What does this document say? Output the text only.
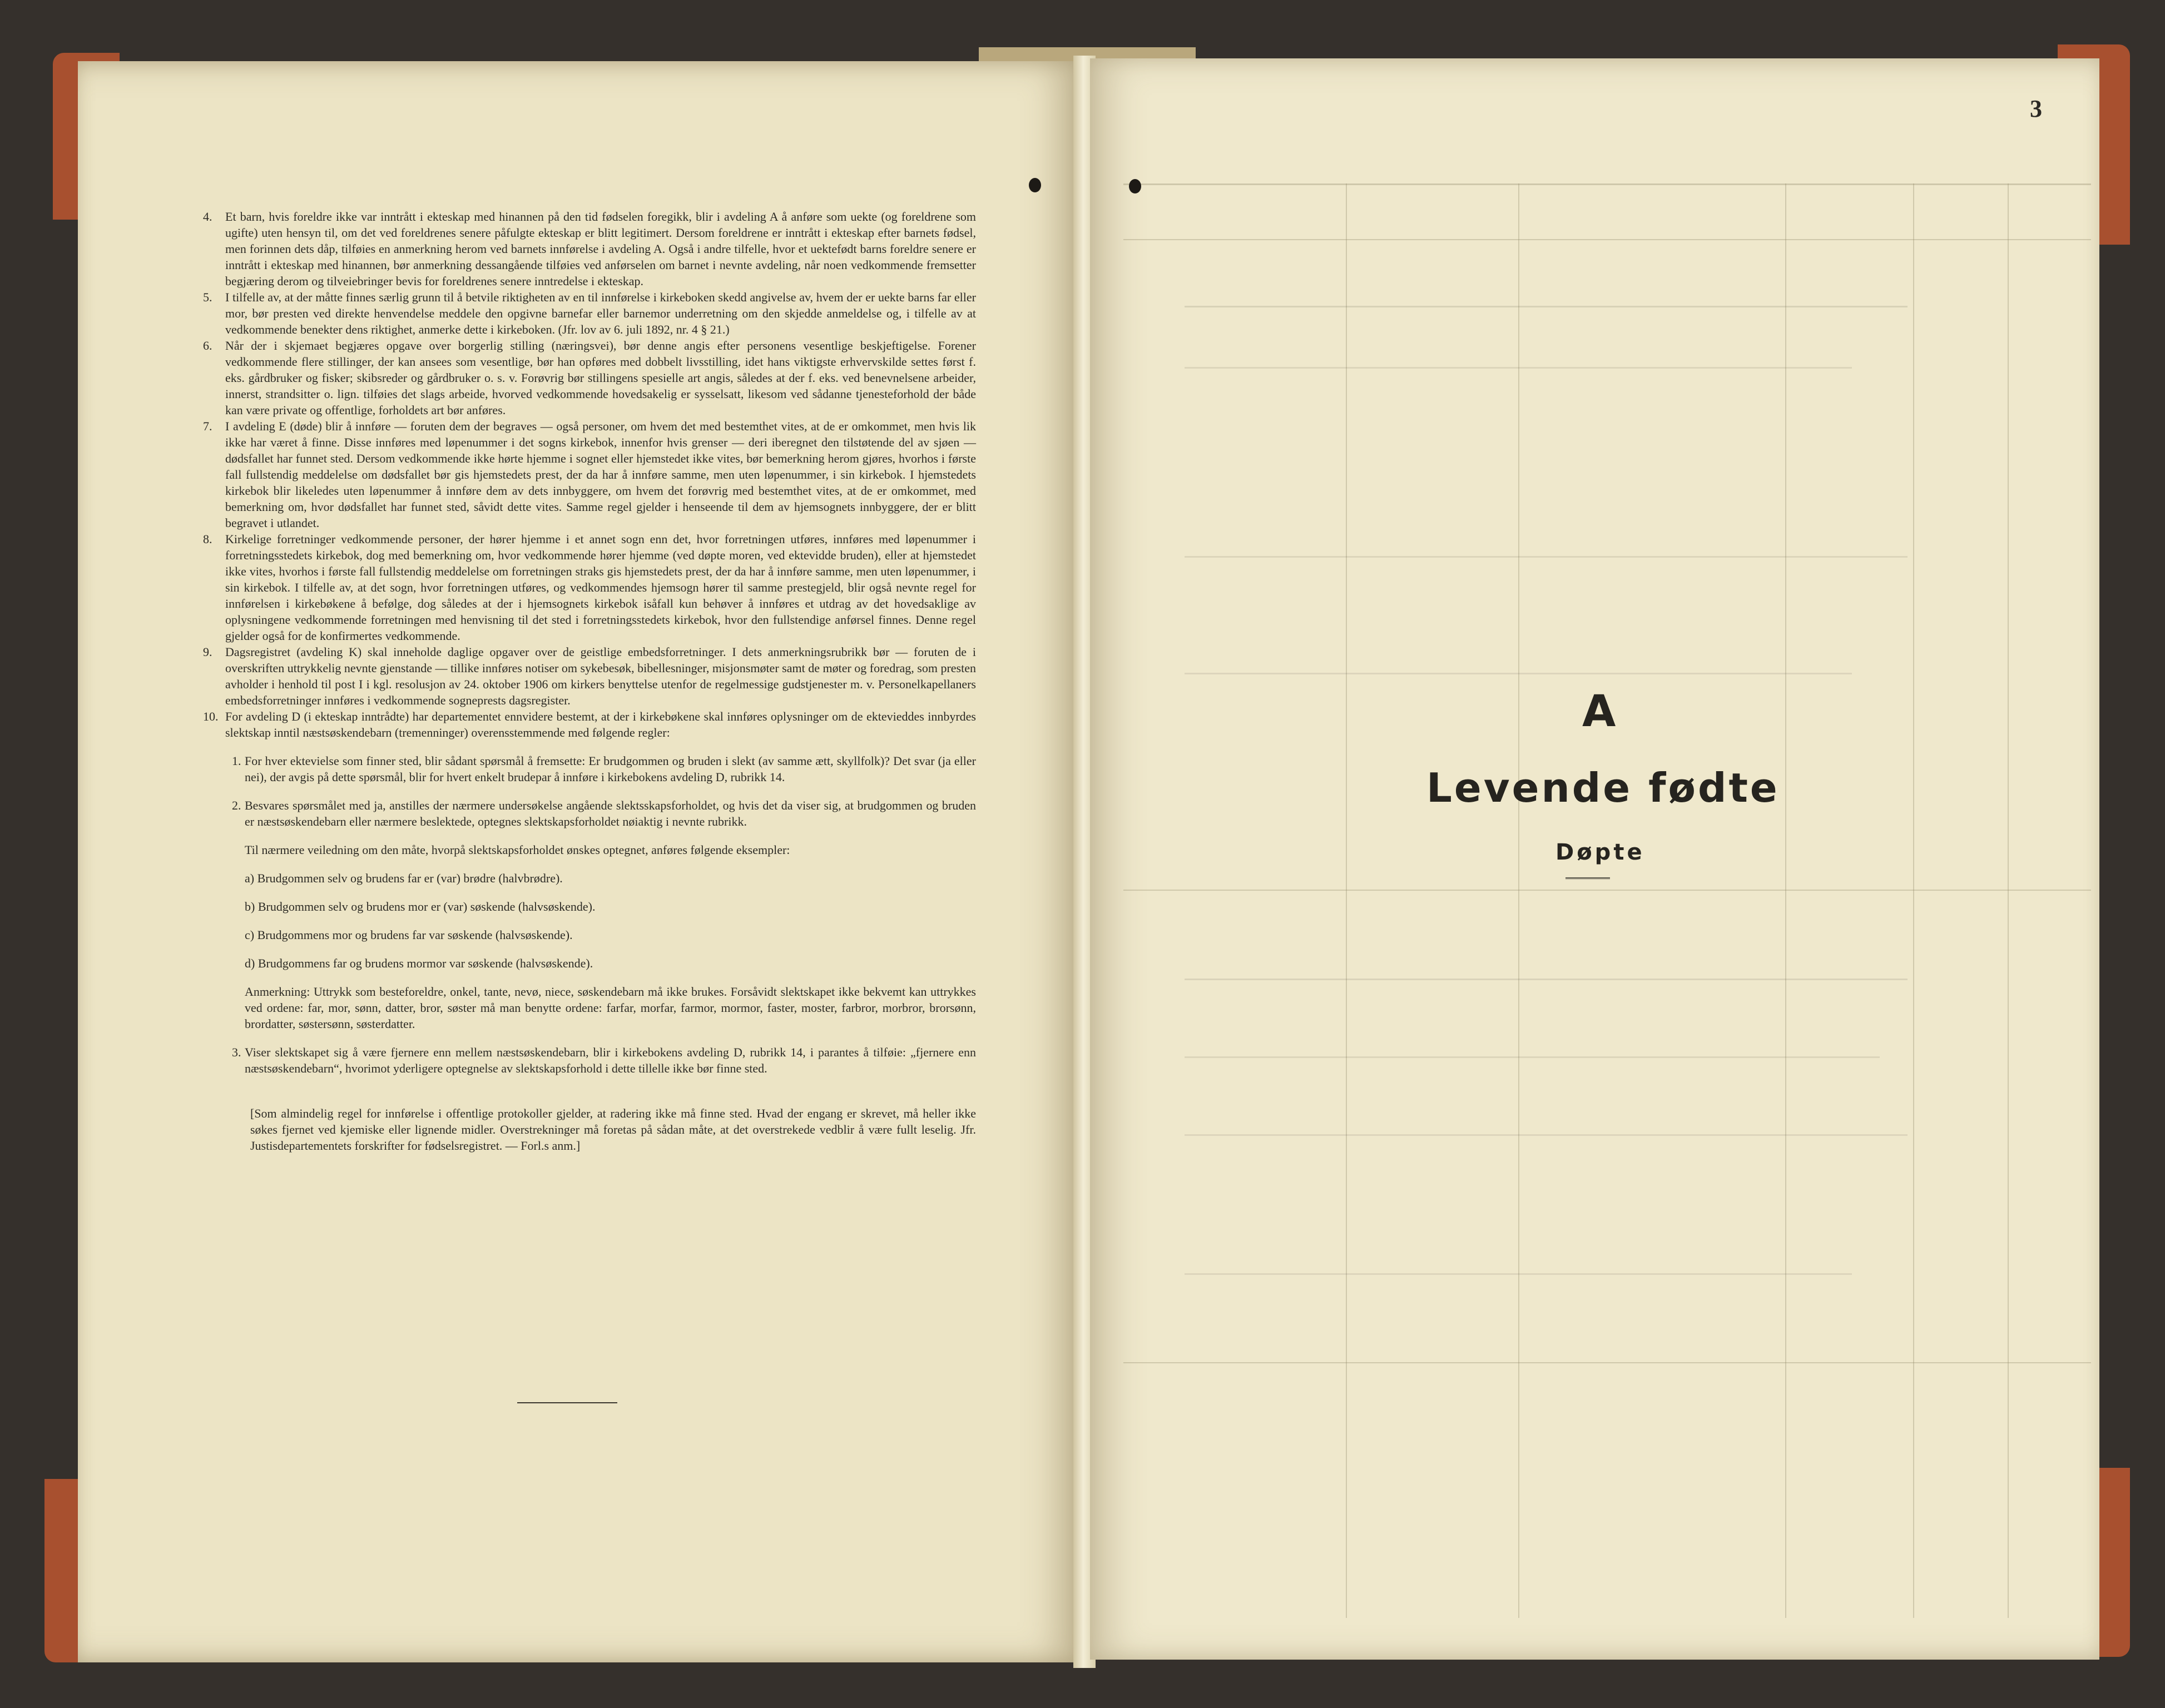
4. Et barn, hvis foreldre ikke var inntrått i ekteskap med hinannen på den tid fødselen foregikk, blir i avdeling A å anføre som uekte (og foreldrene som ugifte) uten hensyn til, om det ved foreldrenes senere påfulgte ekteskap er blitt legitimert. Dersom foreldrene er inntrått i ekteskap efter barnets fødsel, men forinnen dets dåp, tilføies en anmerkning herom ved barnets innførelse i avdeling A. Også i andre tilfelle, hvor et uektefødt barns foreldre senere er inntrått i ekteskap med hinannen, bør anmerkning dessangående tilføies ved anførselen om barnet i nevnte avdeling, når noen vedkommende fremsetter begjæring derom og tilveiebringer bevis for foreldrenes senere inntredelse i ekteskap.

5. I tilfelle av, at der måtte finnes særlig grunn til å betvile riktigheten av en til innførelse i kirkeboken skedd angivelse av, hvem der er uekte barns far eller mor, bør presten ved direkte henvendelse meddele den opgivne barnefar eller barnemor underretning om den skjedde anmeldelse og, i tilfelle av at vedkommende benekter dens riktighet, anmerke dette i kirkeboken. (Jfr. lov av 6. juli 1892, nr. 4 § 21.)

6. Når der i skjemaet begjæres opgave over borgerlig stilling (næringsvei), bør denne angis efter personens vesentlige beskjeftigelse. Forener vedkommende flere stillinger, der kan ansees som vesentlige, bør han opføres med dobbelt livsstilling, idet hans viktigste erhvervskilde settes først f. eks. gårdbruker og fisker; skibsreder og gårdbruker o. s. v. Forøvrig bør stillingens spesielle art angis, således at der f. eks. ved benevnelsene arbeider, innerst, strandsitter o. lign. tilføies det slags arbeide, hvorved vedkommende hovedsakelig er sysselsatt, likesom ved sådanne tjenesteforhold der både kan være private og offentlige, forholdets art bør anføres.

7. I avdeling E (døde) blir å innføre — foruten dem der begraves — også personer, om hvem det med bestemthet vites, at de er omkommet, men hvis lik ikke har været å finne. Disse innføres med løpenummer i det sogns kirkebok, innenfor hvis grenser — deri iberegnet den tilstøtende del av sjøen — dødsfallet har funnet sted. Dersom vedkommende ikke hørte hjemme i sognet eller hjemstedet ikke vites, bør bemerkning herom gjøres, hvorhos i første fall fullstendig meddelelse om dødsfallet bør gis hjemstedets prest, der da har å innføre samme, men uten løpenummer, i sin kirkebok. I hjemstedets kirkebok blir likeledes uten løpenummer å innføre dem av dets innbyggere, om hvem det forøvrig med bestemthet vites, at de er omkommet, med bemerkning om, hvor dødsfallet har funnet sted, såvidt dette vites. Samme regel gjelder i henseende til dem av hjemsognets innbyggere, der er blitt begravet i utlandet.

8. Kirkelige forretninger vedkommende personer, der hører hjemme i et annet sogn enn det, hvor forretningen utføres, innføres med løpenummer i forretningsstedets kirkebok, dog med bemerkning om, hvor vedkommende hører hjemme (ved døpte moren, ved ektevidde bruden), eller at hjemstedet ikke vites, hvorhos i første fall fullstendig meddelelse om forretningen straks gis hjemstedets prest, der da har å innføre samme, men uten løpenummer, i sin kirkebok. I tilfelle av, at det sogn, hvor forretningen utføres, og vedkommendes hjemsogn hører til samme prestegjeld, blir også nevnte regel for innførelsen i kirkebøkene å befølge, dog således at der i hjemsognets kirkebok isåfall kun behøver å innføres et utdrag av det hovedsaklige av oplysningene vedkommende forretningen med henvisning til det sted i forretningsstedets kirkebok, hvor den fullstendige anførsel finnes. Denne regel gjelder også for de konfirmertes vedkommende.

9. Dagsregistret (avdeling K) skal inneholde daglige opgaver over de geistlige embedsforretninger. I dets anmerkningsrubrikk bør — foruten de i overskriften uttrykkelig nevnte gjenstande — tillike innføres notiser om sykebesøk, bibellesninger, misjonsmøter samt de møter og foredrag, som presten avholder i henhold til post I i kgl. resolusjon av 24. oktober 1906 om kirkers benyttelse utenfor de regelmessige gudstjenester m. v. Personelkapellaners embedsforretninger innføres i vedkommende sogneprests dagsregister.

10. For avdeling D (i ekteskap inntrådte) har departementet ennvidere bestemt, at der i kirkebøkene skal innføres oplysninger om de ektevieddes innbyrdes slektskap inntil næstsøskendebarn (tremenninger) overensstemmende med følgende regler:

1. For hver ektevielse som finner sted, blir sådant spørsmål å fremsette: Er brudgommen og bruden i slekt (av samme ætt, skyllfolk)? Det svar (ja eller nei), der avgis på dette spørsmål, blir for hvert enkelt brudepar å innføre i kirkebokens avdeling D, rubrikk 14.

2. Besvares spørsmålet med ja, anstilles der nærmere undersøkelse angående slektsskapsforholdet, og hvis det da viser sig, at brudgommen og bruden er næstsøskendebarn eller nærmere beslektede, optegnes slektskapsforholdet nøiaktig i nevnte rubrikk.

Til nærmere veiledning om den måte, hvorpå slektskapsforholdet ønskes optegnet, anføres følgende eksempler:

a) Brudgommen selv og brudens far er (var) brødre (halvbrødre).

b) Brudgommen selv og brudens mor er (var) søskende (halvsøskende).

c) Brudgommens mor og brudens far var søskende (halvsøskende).

d) Brudgommens far og brudens mormor var søskende (halvsøskende).

Anmerkning: Uttrykk som besteforeldre, onkel, tante, nevø, niece, søskendebarn må ikke brukes. Forsåvidt slektskapet ikke bekvemt kan uttrykkes ved ordene: far, mor, sønn, datter, bror, søster må man benytte ordene: farfar, morfar, farmor, mormor, faster, moster, farbror, morbror, brorsønn, brordatter, søstersønn, søsterdatter.

3. Viser slektskapet sig å være fjernere enn mellem næstsøskendebarn, blir i kirkebokens avdeling D, rubrikk 14, i parantes å tilføie: „fjernere enn næstsøskendebarn“, hvorimot yderligere optegnelse av slektskapsforhold i dette tillelle ikke bør finne sted.

[Som almindelig regel for innførelse i offentlige protokoller gjelder, at radering ikke må finne sted. Hvad der engang er skrevet, må heller ikke søkes fjernet ved kjemiske eller lignende midler. Overstrekninger må foretas på sådan måte, at det overstrekede vedblir å være fullt leselig. Jfr. Justisdepartementets forskrifter for fødselsregistret. — Forl.s anm.]

3
A
Levende fødte
Døpte
